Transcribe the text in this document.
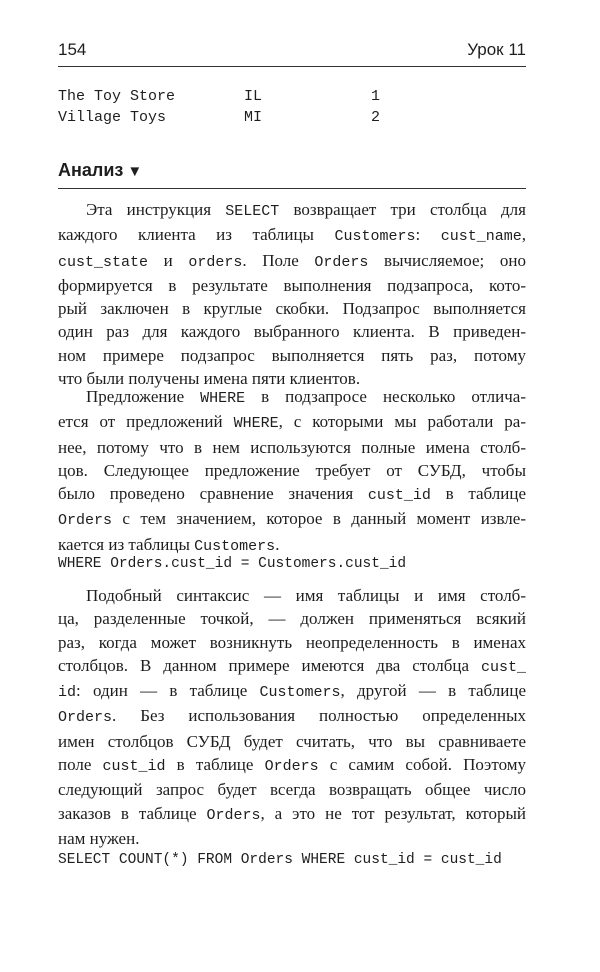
154	Урок 11
The Toy Store	IL	1
Village Toys	MI	2
Анализ ▼

Эта инструкция SELECT возвращает три столбца для
каждого клиента из таблицы Customers: cust_name,
cust_state и orders. Поле Orders вычисляемое; оно
формируется в результате выполнения подзапроса, кото-
рый заключен в круглые скобки. Подзапрос выполняется
один раз для каждого выбранного клиента. В приведен-
ном примере подзапрос выполняется пять раз, потому
что были получены имена пяти клиентов.

Предложение WHERE в подзапросе несколько отлича-
ется от предложений WHERE, с которыми мы работали ра-
нее, потому что в нем используются полные имена столб-
цов. Следующее предложение требует от СУБД, чтобы
было проведено сравнение значения cust_id в таблице
Orders с тем значением, которое в данный момент извле-
кается из таблицы Customers.

WHERE Orders.cust_id = Customers.cust_id

Подобный синтаксис — имя таблицы и имя столб-
ца, разделенные точкой, — должен применяться всякий
раз, когда может возникнуть неопределенность в именах
столбцов. В данном примере имеются два столбца cust_
id: один — в таблице Customers, другой — в таблице
Orders. Без использования полностью определенных
имен столбцов СУБД будет считать, что вы сравниваете
поле cust_id в таблице Orders с самим собой. Поэтому
следующий запрос будет всегда возвращать общее число
заказов в таблице Orders, а это не тот результат, который
нам нужен.

SELECT COUNT(*) FROM Orders WHERE cust_id = cust_id
